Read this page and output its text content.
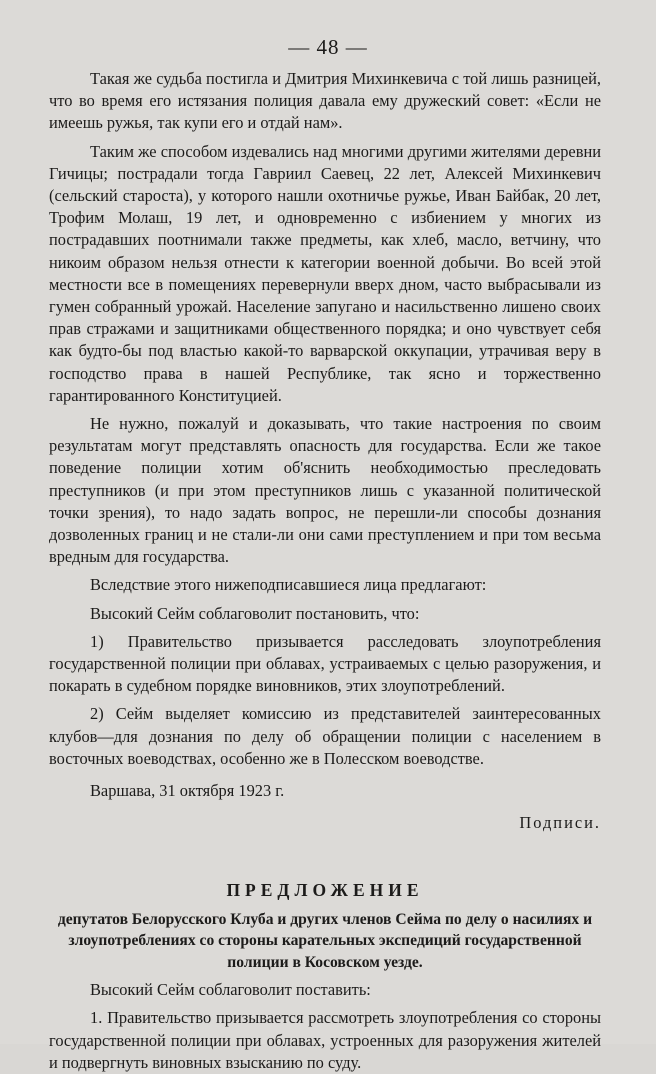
— 48 —

Такая же судьба постигла и Дмитрия Михинкевича с той лишь разницей, что во время его истязания полиция давала ему дружеский совет: «Если не имеешь ружья, так купи его и отдай нам».

Таким же способом издевались над многими другими жителями деревни Гичицы; пострадали тогда Гавриил Саевец, 22 лет, Алексей Михинкевич (сельский староста), у которого нашли охотничье ружье, Иван Байбак, 20 лет, Трофим Молаш, 19 лет, и одновременно с избиением у многих из пострадавших поотнимали также предметы, как хлеб, масло, ветчину, что никоим образом нельзя отнести к категории военной добычи. Во всей этой местности все в помещениях перевернули вверх дном, часто выбрасывали из гумен собранный урожай. Население запугано и насильственно лишено своих прав стражами и защитниками общественного порядка; и оно чувствует себя как будто-бы под властью какой-то варварской оккупации, утрачивая веру в господство права в нашей Республике, так ясно и торжественно гарантированного Конституцией.

Не нужно, пожалуй и доказывать, что такие настроения по своим результатам могут представлять опасность для государства. Если же такое поведение полиции хотим об'яснить необходимостью преследовать преступников (и при этом преступников лишь с указанной политической точки зрения), то надо задать вопрос, не перешли-ли способы дознания дозволенных границ и не стали-ли они сами преступлением и при том весьма вредным для государства.

Вследствие этого нижеподписавшиеся лица предлагают:

Высокий Сейм соблаговолит постановить, что:

1) Правительство призывается расследовать злоупотребления государственной полиции при облавах, устраиваемых с целью разоружения, и покарать в судебном порядке виновников, этих злоупотреблений.

2) Сейм выделяет комиссию из представителей заинтересованных клубов—для дознания по делу об обращении полиции с населением в восточных воеводствах, особенно же в Полесском воеводстве.

Варшава, 31 октября 1923 г.
Подписи.
ПРЕДЛОЖЕНИЕ
депутатов Белорусского Клуба и других членов Сейма по делу о насилиях и злоупотреблениях со стороны карательных экспедиций государственной полиции в Косовском уезде.

Высокий Сейм соблаговолит поставить:

1. Правительство призывается рассмотреть злоупотребления со стороны государственной полиции при облавах, устроенных для разоружения жителей и подвергнуть виновных взысканию по суду.
